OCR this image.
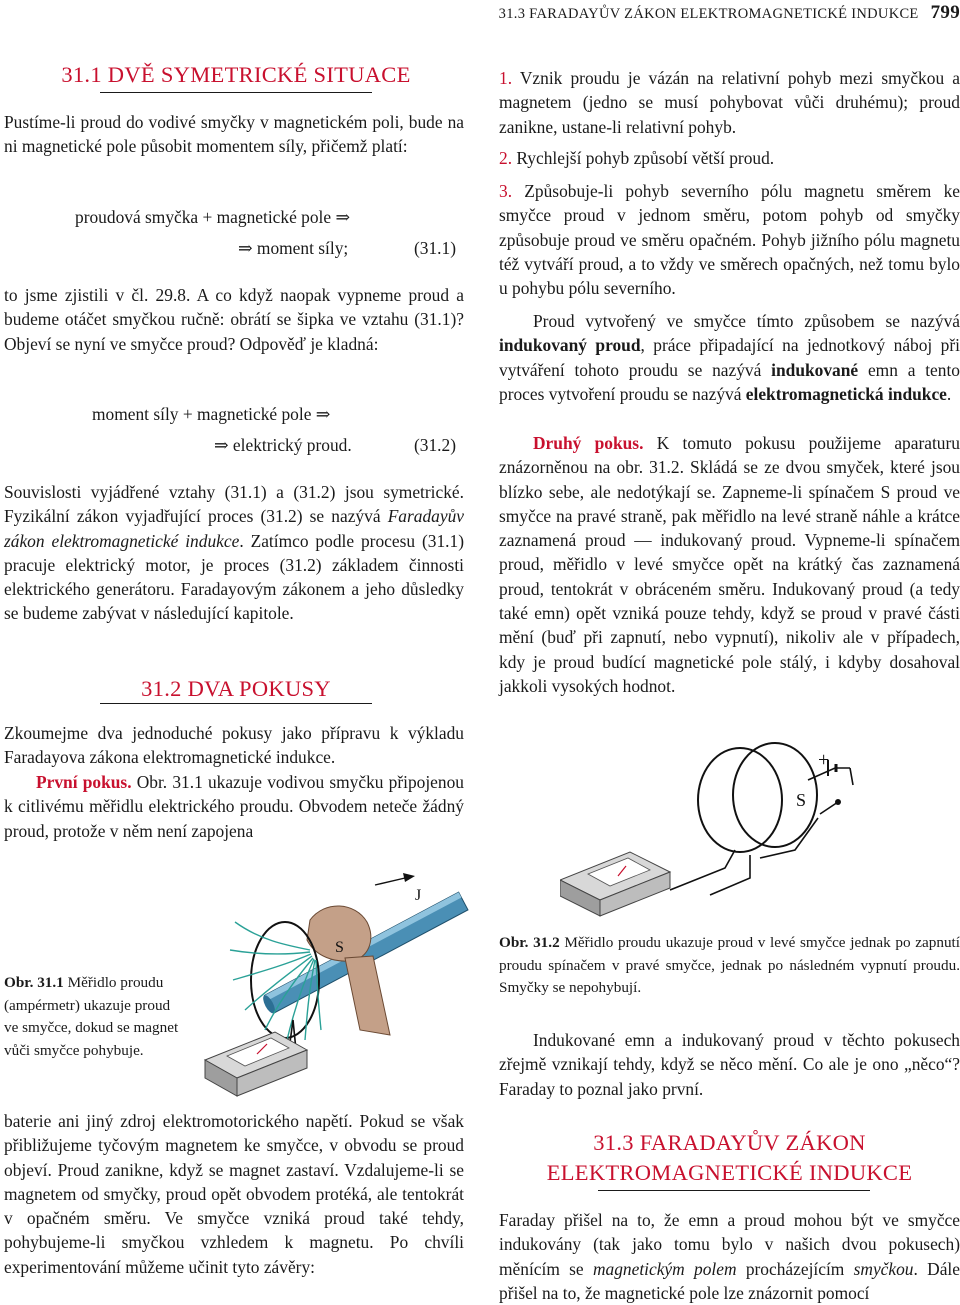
31.3 FARADAYŮV ZÁKON ELEKTROMAGNETICKÉ INDUKCE 799
31.1 DVĚ SYMETRICKÉ SITUACE

Pustíme-li proud do vodivé smyčky v magnetickém poli, bude na ni magnetické pole působit momentem síly, přičemž platí:

proudová smyčka + magnetické pole ⇒
⇒ moment síly;	(31.1)

to jsme zjistili v čl. 29.8. A co když naopak vypneme proud a budeme otáčet smyčkou ručně: obrátí se šipka ve vztahu (31.1)? Objeví se nyní ve smyčce proud? Odpověď je kladná:

moment síly + magnetické pole ⇒
⇒ elektrický proud.	(31.2)

Souvislosti vyjádřené vztahy (31.1) a (31.2) jsou symetrické. Fyzikální zákon vyjadřující proces (31.2) se nazývá Faradayův zákon elektromagnetické indukce. Zatímco podle procesu (31.1) pracuje elektrický motor, je proces (31.2) základem činnosti elektrického generátoru. Faradayovým zákonem a jeho důsledky se budeme zabývat v následující kapitole.

31.2 DVA POKUSY

Zkoumejme dva jednoduché pokusy jako přípravu k výkladu Faradayova zákona elektromagnetické indukce.

První pokus. Obr. 31.1 ukazuje vodivou smyčku připojenou k citlivému měřidlu elektrického proudu. Obvodem neteče žádný proud, protože v něm není zapojena

S
J
Obr. 31.1 Měřidlo proudu (ampérmetr) ukazuje proud ve smyčce, dokud se magnet vůči smyčce pohybuje.

baterie ani jiný zdroj elektromotorického napětí. Pokud se však přibližujeme tyčovým magnetem ke smyčce, v obvodu se proud objeví. Proud zanikne, když se magnet zastaví. Vzdalujeme-li se magnetem od smyčky, proud opět obvodem protéká, ale tentokrát v opačném směru. Ve smyčce vzniká proud také tehdy, pohybujeme-li smyčkou vzhledem k magnetu. Po chvíli experimentování můžeme učinit tyto závěry:

1. Vznik proudu je vázán na relativní pohyb mezi smyčkou a magnetem (jedno se musí pohybovat vůči druhému); proud zanikne, ustane-li relativní pohyb.
2. Rychlejší pohyb způsobí větší proud.
3. Způsobuje-li pohyb severního pólu magnetu směrem ke smyčce proud v jednom směru, potom pohyb od smyčky způsobuje proud ve směru opačném. Pohyb jižního pólu magnetu též vytváří proud, a to vždy ve směrech opačných, než tomu bylo u pohybu pólu severního.

Proud vytvořený ve smyčce tímto způsobem se nazývá indukovaný proud, práce připadající na jednotkový náboj při vytváření tohoto proudu se nazývá indukované emn a tento proces vytvoření proudu se nazývá elektromagnetická indukce.

Druhý pokus. K tomuto pokusu použijeme aparaturu znázorněnou na obr. 31.2. Skládá se ze dvou smyček, které jsou blízko sebe, ale nedotýkají se. Zapneme-li spínačem S proud ve smyčce na pravé straně, pak měřidlo na levé straně náhle a krátce zaznamená proud — indukovaný proud. Vypneme-li spínačem proud, měřidlo v levé smyčce opět na krátký čas zaznamená proud, tentokrát v obráceném směru. Indukovaný proud (a tedy také emn) opět vzniká pouze tehdy, když se proud v pravé části mění (buď při zapnutí, nebo vypnutí), nikoliv ale v případech, kdy je proud budící magnetické pole stálý, i kdyby dosahoval jakkoli vysokých hodnot.

+
S
Obr. 31.2 Měřidlo proudu ukazuje proud v levé smyčce jednak po zapnutí proudu spínačem v pravé smyčce, jednak po následném vypnutí proudu. Smyčky se nepohybují.

Indukované emn a indukovaný proud v těchto pokusech zřejmě vznikají tehdy, když se něco mění. Co ale je ono „něco“? Faraday to poznal jako první.

31.3 FARADAYŮV ZÁKON
ELEKTROMAGNETICKÉ INDUKCE

Faraday přišel na to, že emn a proud mohou být ve smyčce indukovány (tak jako tomu bylo v našich dvou pokusech) měnícím se magnetickým polem procházejícím smyčkou. Dále přišel na to, že magnetické pole lze znázornit pomocí
